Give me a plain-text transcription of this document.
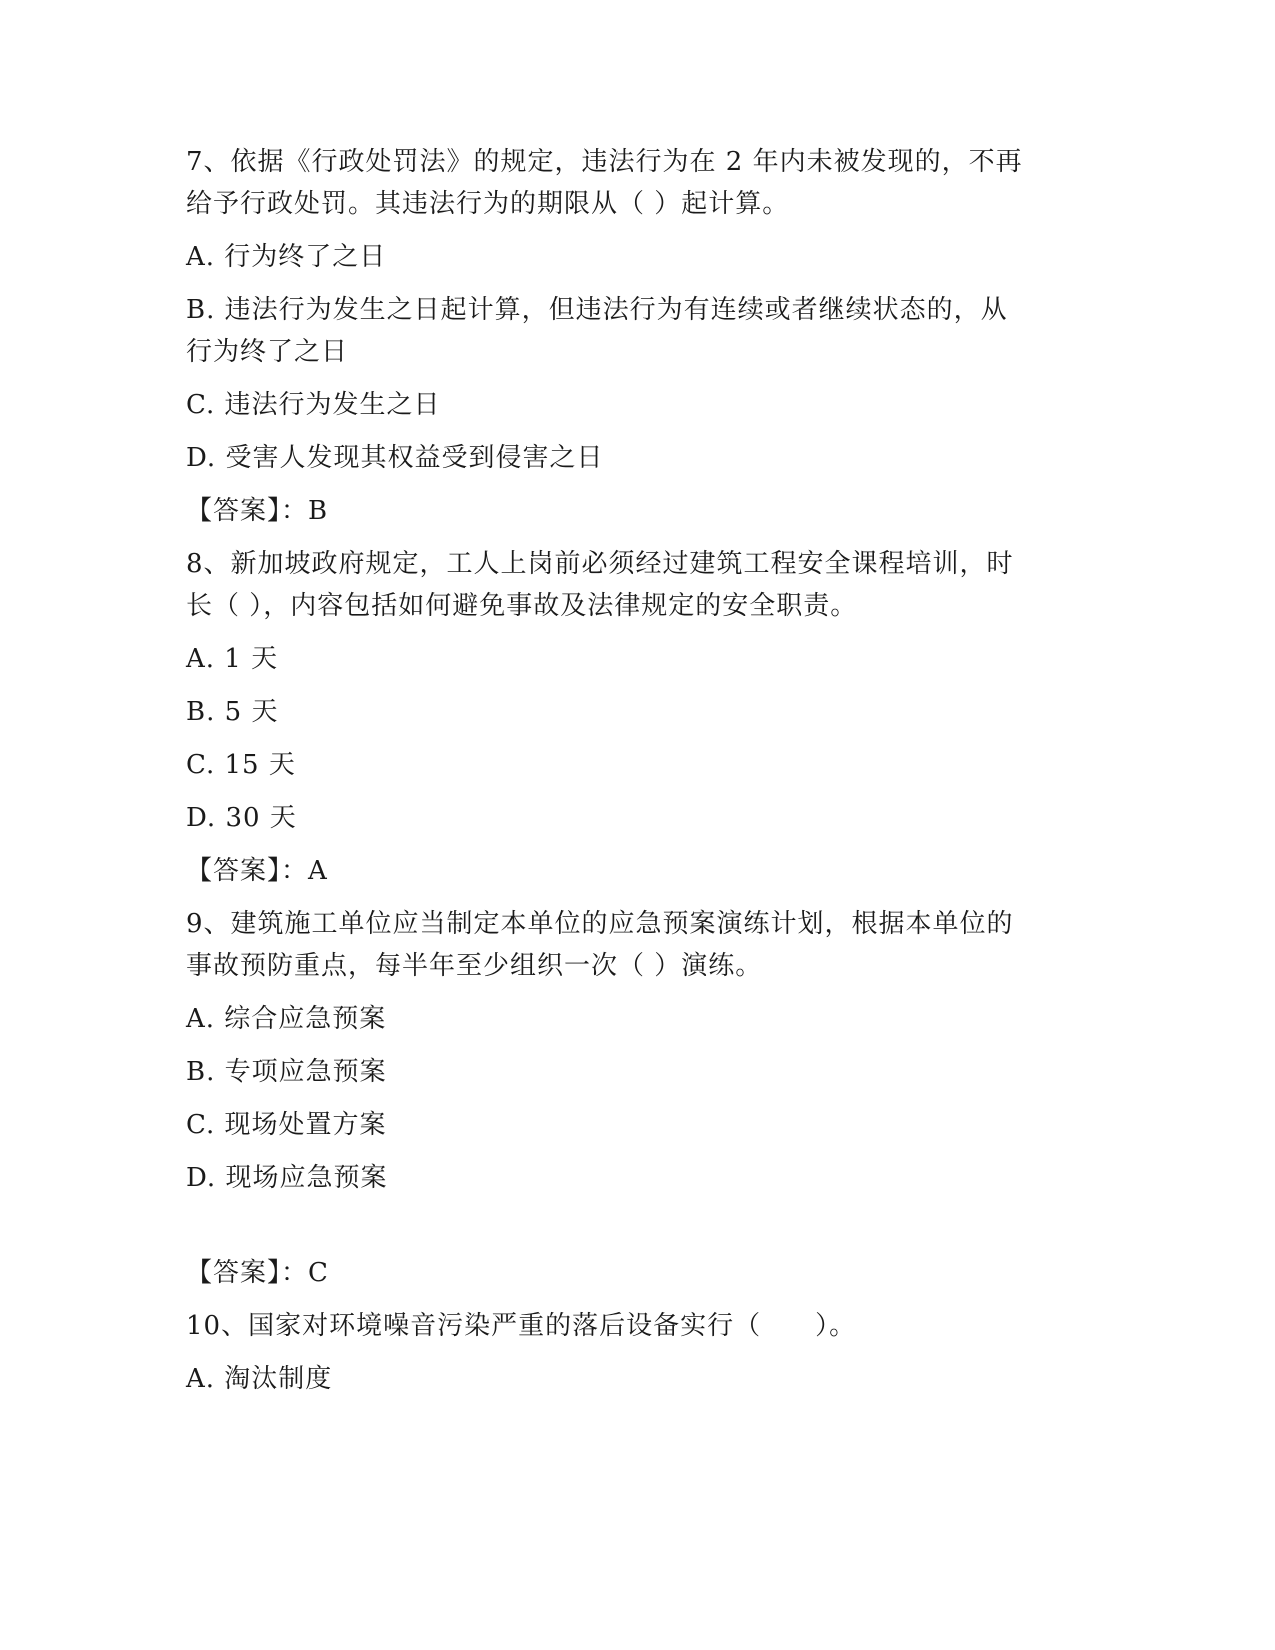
7、依据《行政处罚法》的规定，违法行为在 2 年内未被发现的，不再
给予行政处罚。其违法行为的期限从（ ）起计算。
A. 行为终了之日
B. 违法行为发生之日起计算，但违法行为有连续或者继续状态的，从
行为终了之日
C. 违法行为发生之日
D. 受害人发现其权益受到侵害之日
【答案】：B
8、新加坡政府规定，工人上岗前必须经过建筑工程安全课程培训，时
长（ ），内容包括如何避免事故及法律规定的安全职责。
A. 1 天
B. 5 天
C. 15 天
D. 30 天
【答案】：A
9、建筑施工单位应当制定本单位的应急预案演练计划，根据本单位的
事故预防重点，每半年至少组织一次（ ）演练。
A. 综合应急预案
B. 专项应急预案
C. 现场处置方案
D. 现场应急预案
【答案】：C
10、国家对环境噪音污染严重的落后设备实行（　　）。
A. 淘汰制度
